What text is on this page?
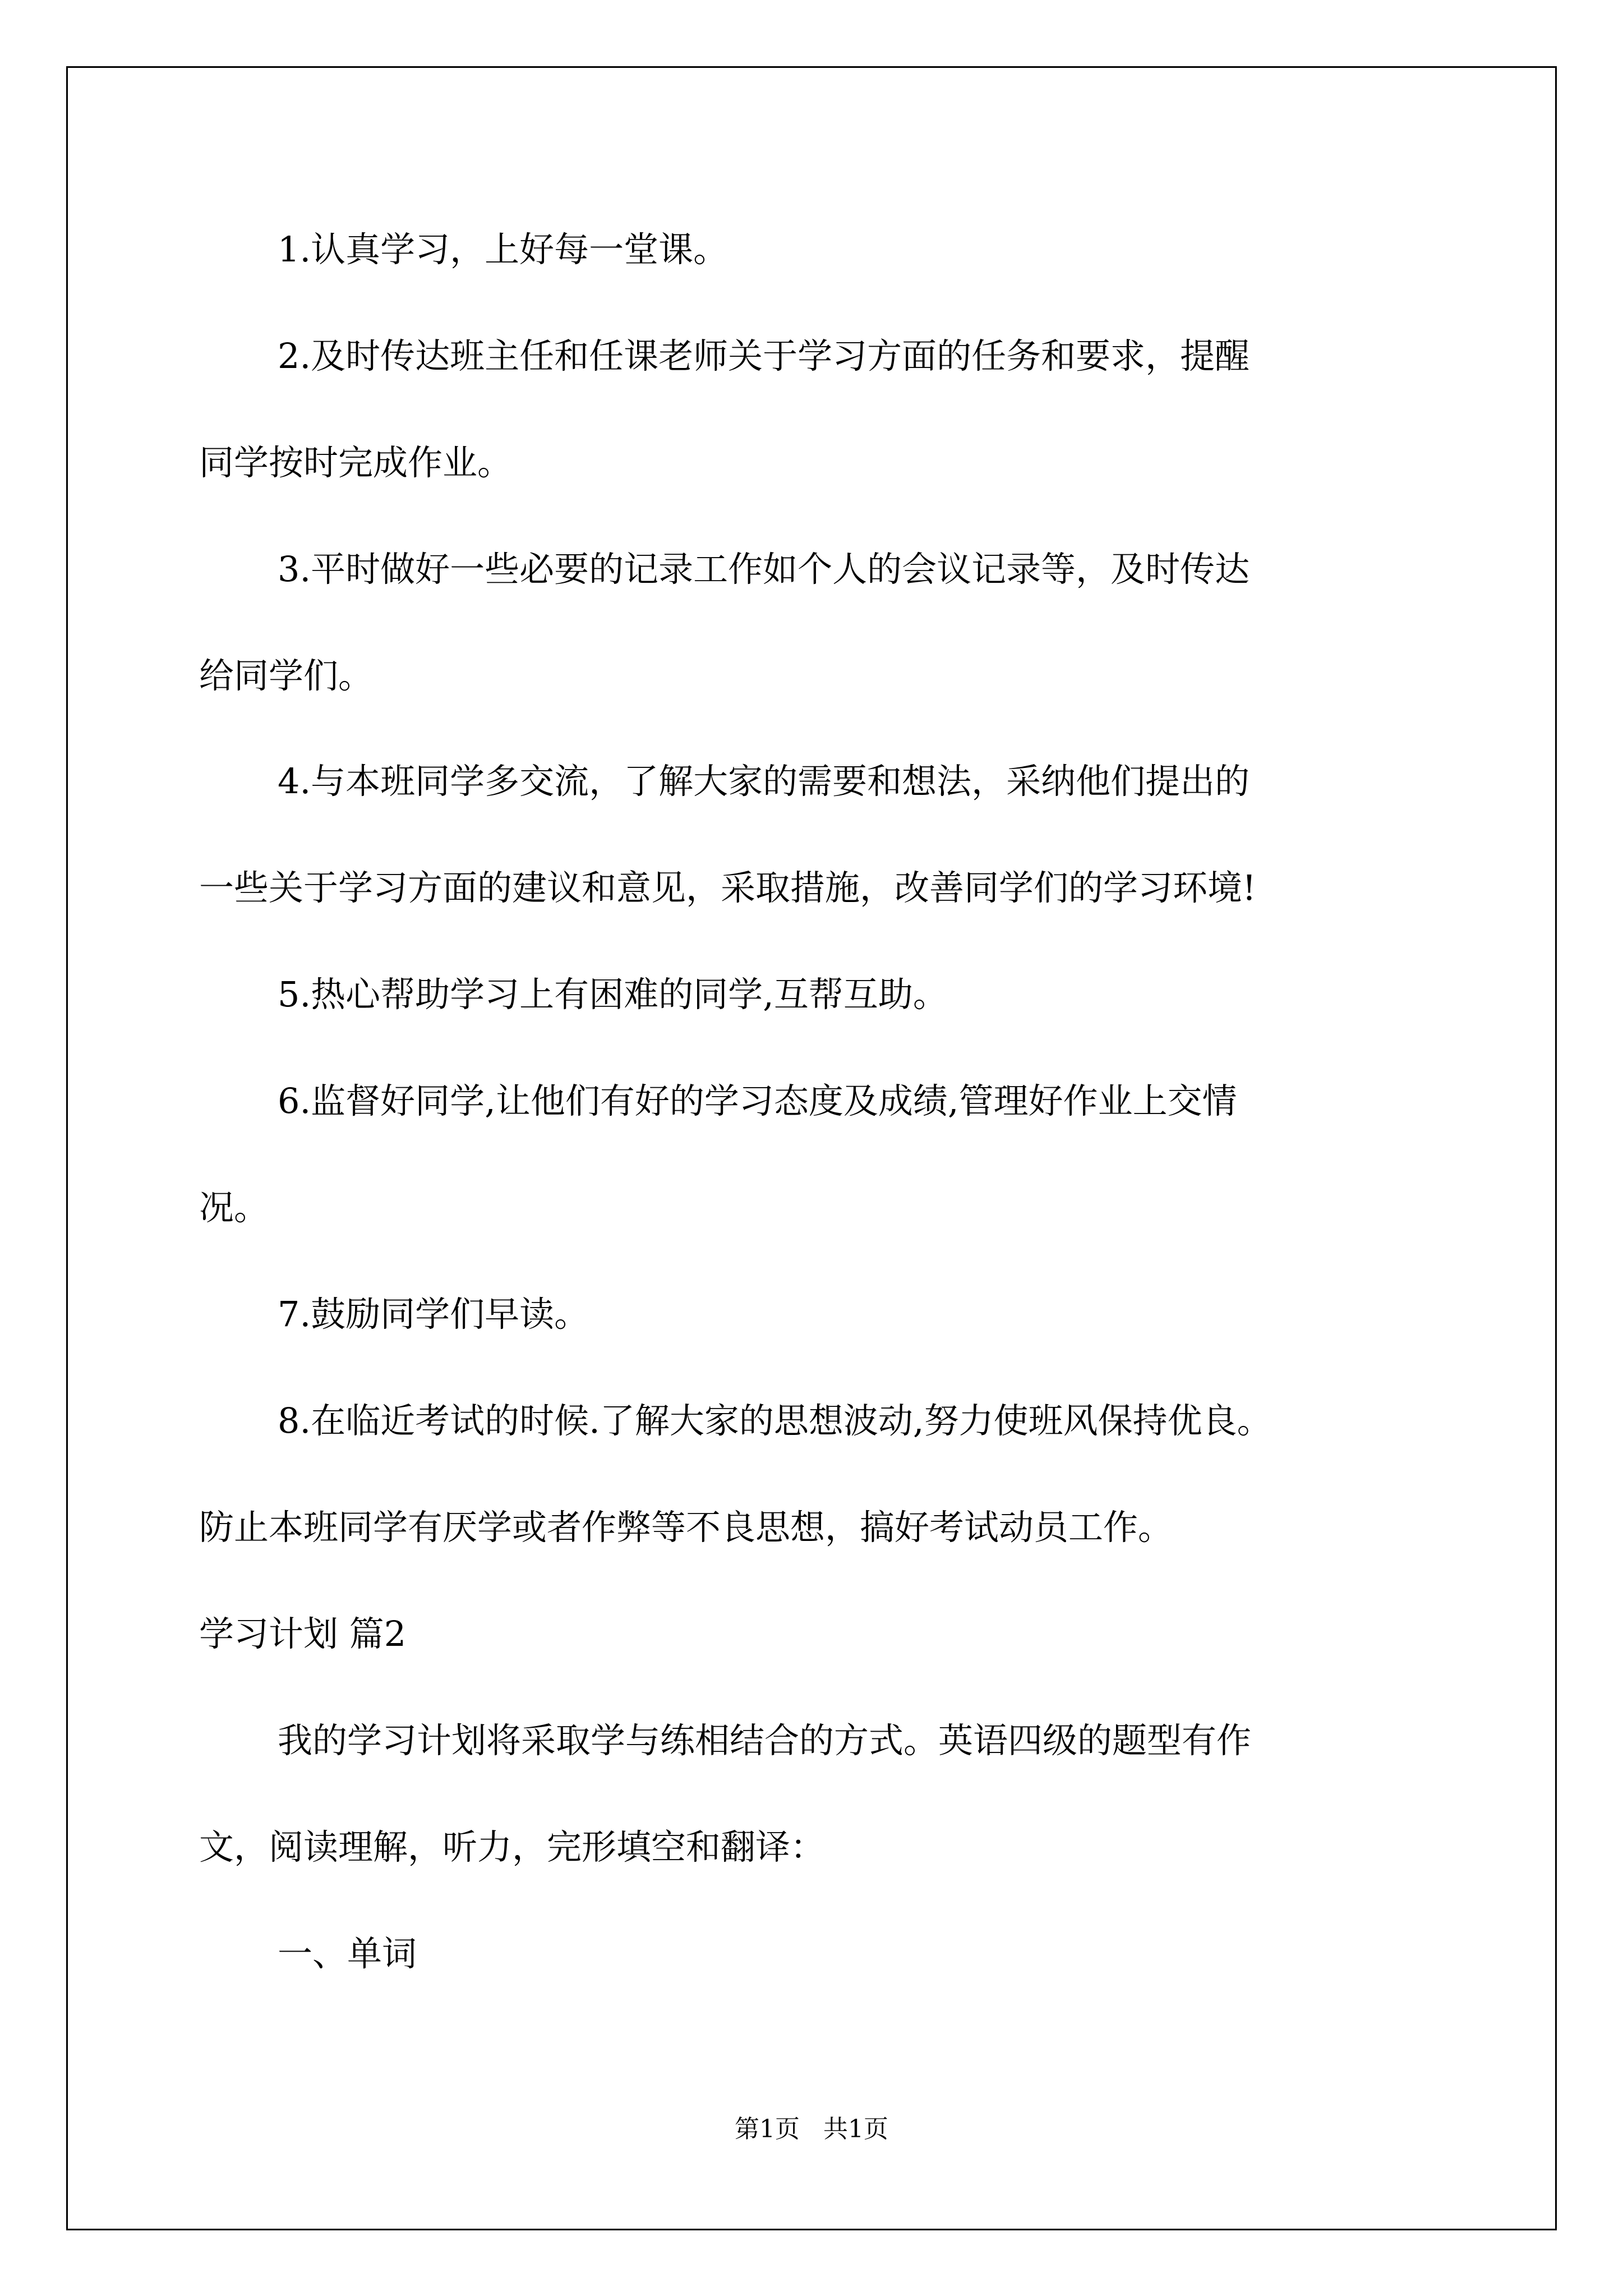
1.认真学习，上好每一堂课。
2.及时传达班主任和任课老师关于学习方面的任务和要求，提醒
同学按时完成作业。
3.平时做好一些必要的记录工作如个人的会议记录等，及时传达
给同学们。
4.与本班同学多交流，了解大家的需要和想法，采纳他们提出的
一些关于学习方面的建议和意见，采取措施，改善同学们的学习环境!
5.热心帮助学习上有困难的同学,互帮互助。
6.监督好同学,让他们有好的学习态度及成绩,管理好作业上交情
况。
7.鼓励同学们早读。
8.在临近考试的时候.了解大家的思想波动,努力使班风保持优良。
防止本班同学有厌学或者作弊等不良思想，搞好考试动员工作。
学习计划 篇2
我的学习计划将采取学与练相结合的方式。英语四级的题型有作
文，阅读理解，听力，完形填空和翻译：
一、单词
第1页 共1页
